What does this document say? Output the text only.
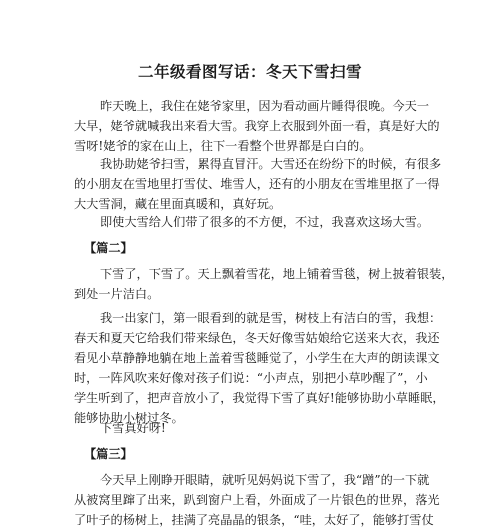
二年级看图写话：冬天下雪扫雪
昨天晚上，我住在姥爷家里，因为看动画片睡得很晚。今天一
大早，姥爷就喊我出来看大雪。我穿上衣服到外面一看，真是好大的
雪呀!姥爷的家在山上，往下一看整个世界都是白白的。
我协助姥爷扫雪，累得直冒汗。大雪还在纷纷下的时候，有很多
的小朋友在雪地里打雪仗、堆雪人，还有的小朋友在雪堆里抠了一得
大大雪洞，藏在里面真暖和，真好玩。
即使大雪给人们带了很多的不方便，不过，我喜欢这场大雪。
【篇二】
下雪了，下雪了。天上飘着雪花，地上铺着雪毯，树上披着银装，
到处一片洁白。
我一出家门，第一眼看到的就是雪，树枝上有洁白的雪，我想：
春天和夏天它给我们带来绿色，冬天好像雪姑娘给它送来大衣，我还
看见小草静静地躺在地上盖着雪毯睡觉了，小学生在大声的朗读课文
时，一阵风吹来好像对孩子们说：“小声点，别把小草吵醒了”，小
学生听到了，把声音放小了，我觉得下雪了真好!能够协助小草睡眠，
能够协助小树过冬。
下雪真好呀!
【篇三】
今天早上刚睁开眼睛，就听见妈妈说下雪了，我“蹭”的一下就
从被窝里蹿了出来，趴到窗户上看，外面成了一片银色的世界，落光
了叶子的杨树上，挂满了亮晶晶的银条，“哇，太好了，能够打雪仗
